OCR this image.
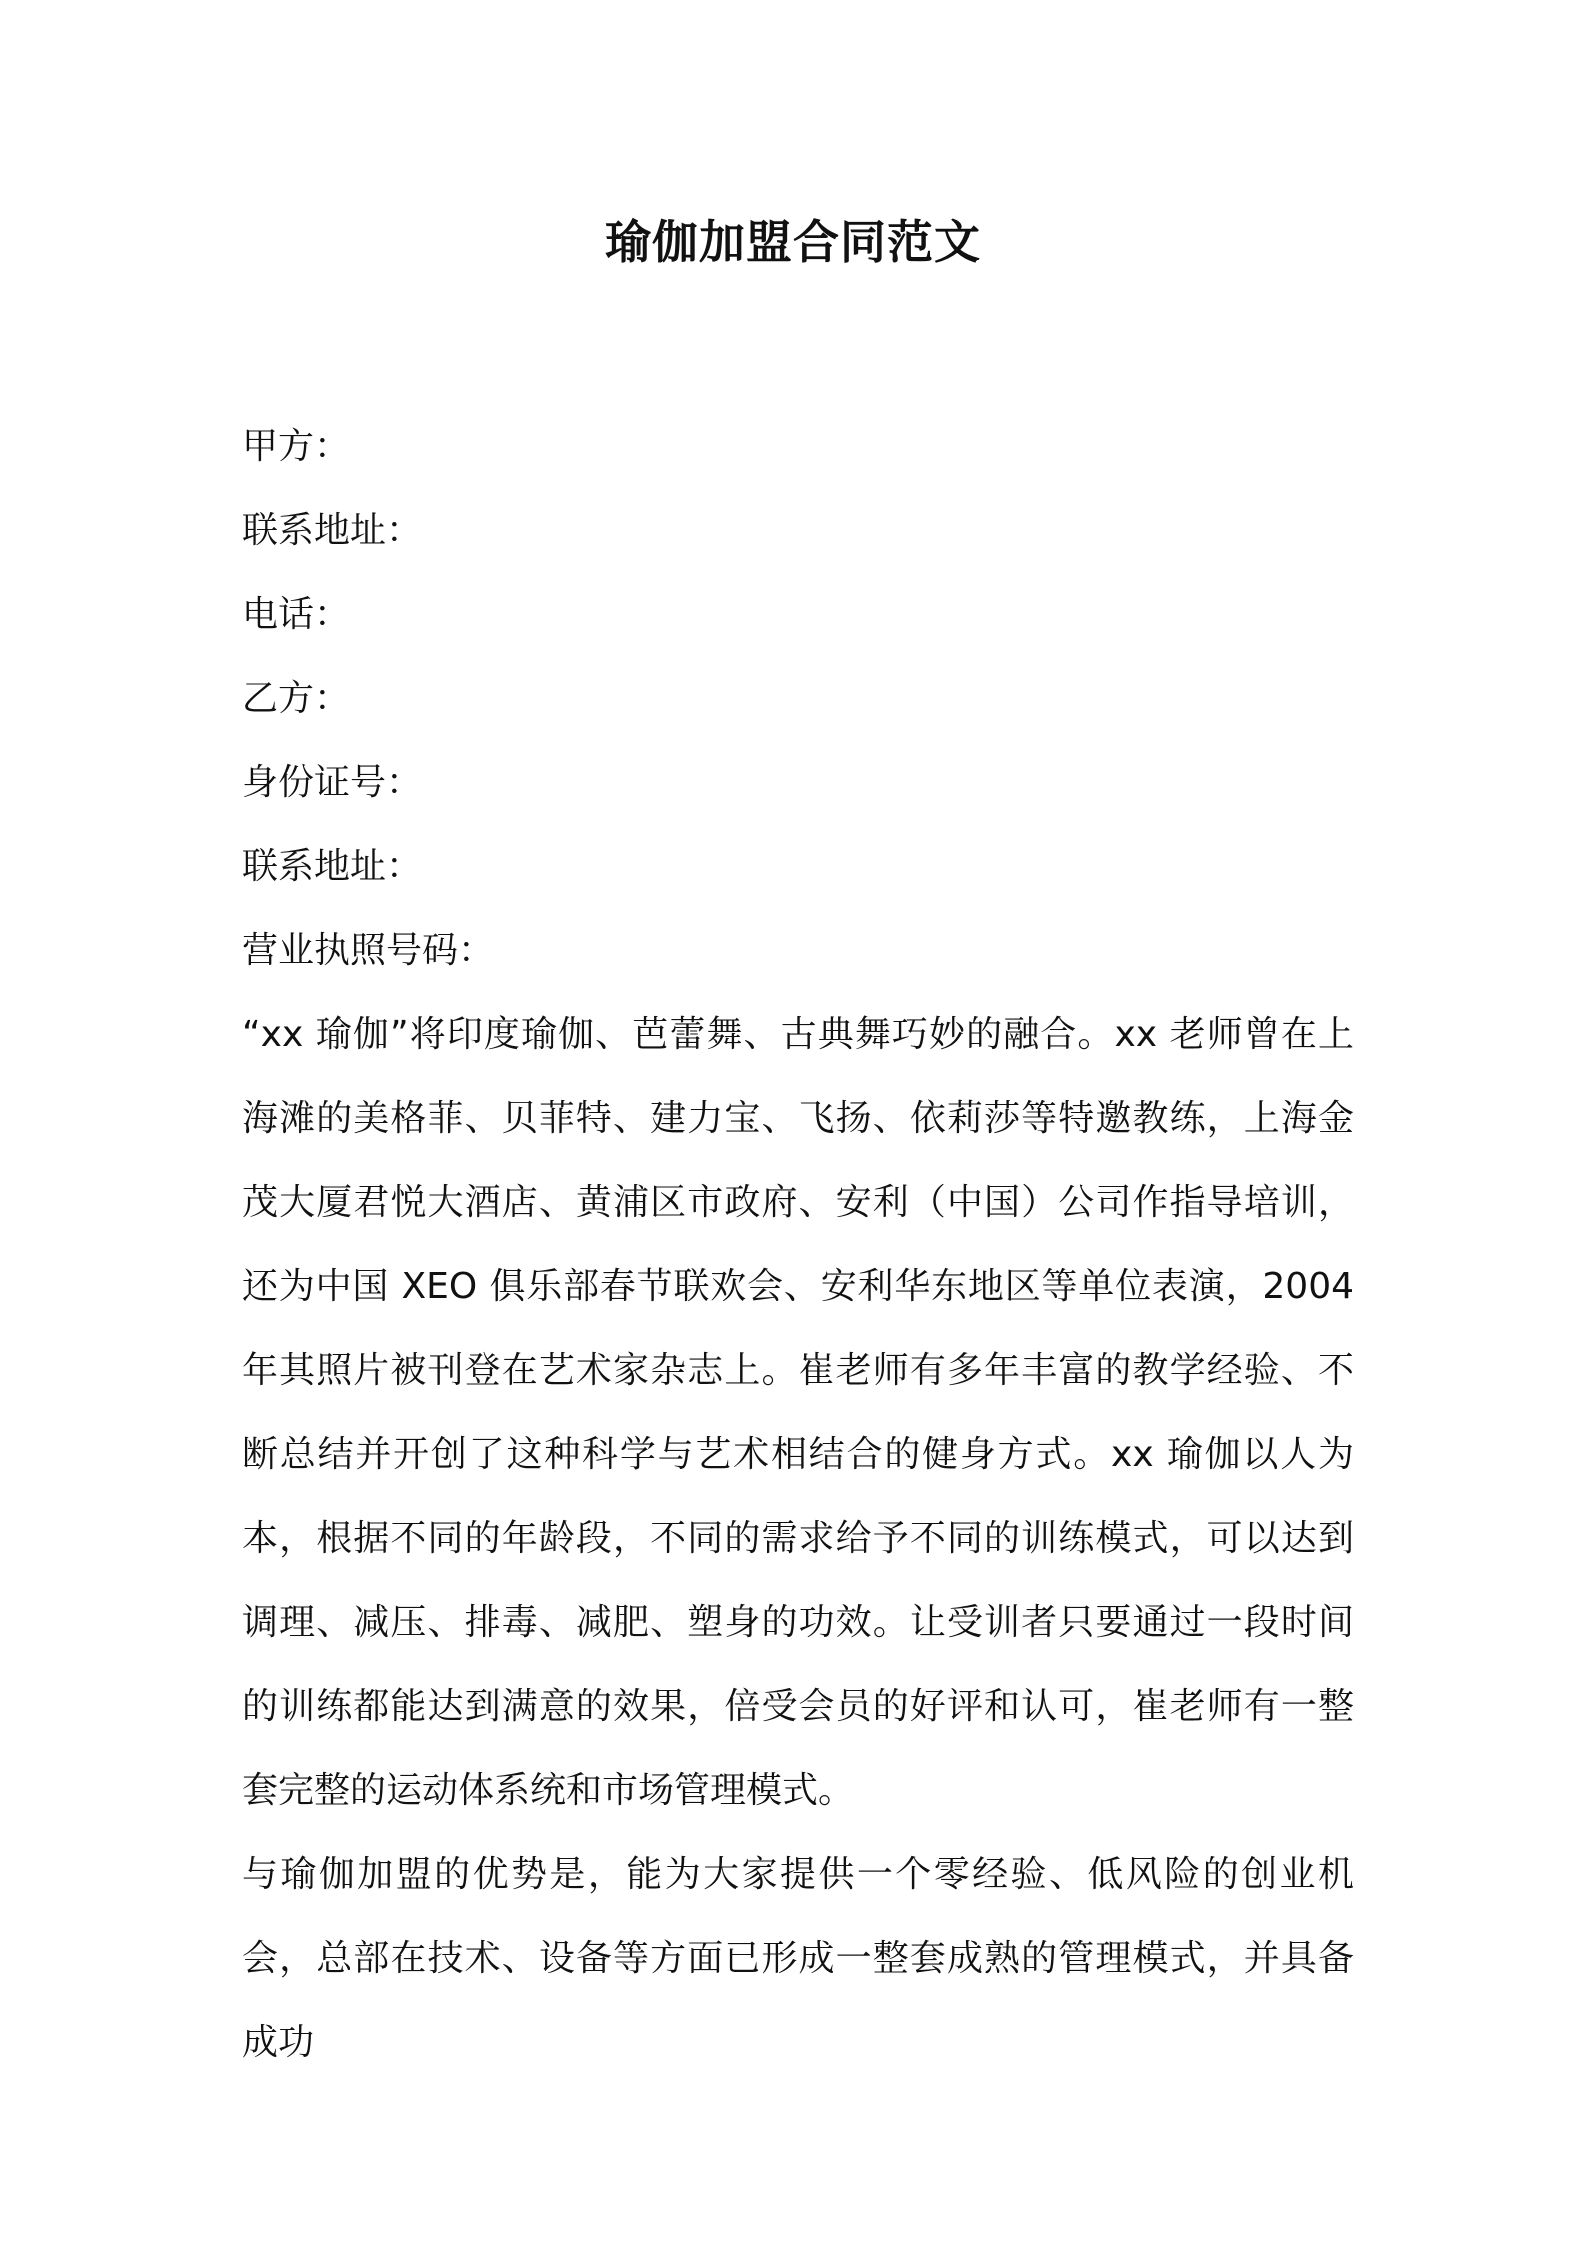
瑜伽加盟合同范文
甲方：
联系地址：
电话：
乙方：
身份证号：
联系地址：
营业执照号码：

“xx 瑜伽”将印度瑜伽、芭蕾舞、古典舞巧妙的融合。xx 老师曾在上海滩的美格菲、贝菲特、建力宝、飞扬、依莉莎等特邀教练，上海金茂大厦君悦大酒店、黄浦区市政府、安利（中国）公司作指导培训，还为中国 XEO 俱乐部春节联欢会、安利华东地区等单位表演，2004 年其照片被刊登在艺术家杂志上。崔老师有多年丰富的教学经验、不断总结并开创了这种科学与艺术相结合的健身方式。xx 瑜伽以人为本，根据不同的年龄段，不同的需求给予不同的训练模式，可以达到调理、减压、排毒、减肥、塑身的功效。让受训者只要通过一段时间的训练都能达到满意的效果，倍受会员的好评和认可，崔老师有一整套完整的运动体系统和市场管理模式。

与瑜伽加盟的优势是，能为大家提供一个零经验、低风险的创业机会，总部在技术、设备等方面已形成一整套成熟的管理模式，并具备成功
